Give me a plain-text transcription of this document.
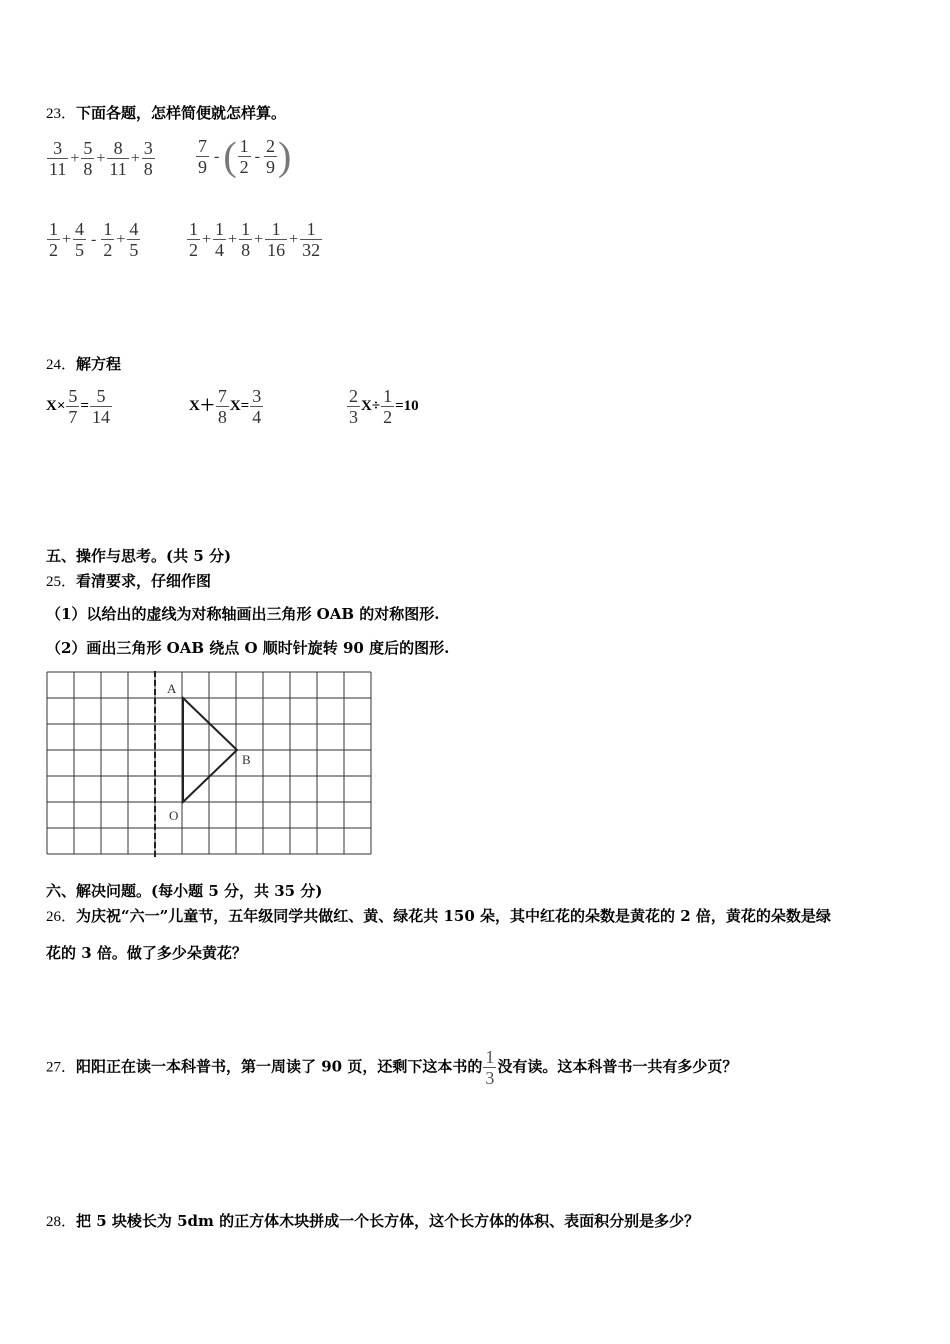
23．下面各题，怎样简便就怎样算。
$\frac{3}{11} + \frac{5}{8} + \frac{8}{11} + \frac{3}{8} \frac{7}{9}$ - ( $\frac{1}{2} - \frac{2}{9}$ )
$\frac{1}{2} + \frac{4}{5} - \frac{1}{2} + \frac{4}{5}$	$\frac{1}{2} + \frac{1}{4} + \frac{1}{8} + \frac{1}{16} + \frac{1}{32}$
24．解方程
$X\times \frac{5}{7} = \frac{5}{14}$	$X+ \frac{7}{8} X= \frac{3}{4}$	$\frac{2}{3} X\div \frac{1}{2} =10$
五、操作与思考。(共 5 分)
25．看清要求，仔细作图
（1）以给出的虚线为对称轴画出三角形 OAB 的对称图形.
（2）画出三角形 OAB 绕点 O 顺时针旋转 90 度后的图形.
A
B
O
六、解决问题。(每小题 5 分，共 35 分)
26．为庆祝“六一”儿童节，五年级同学共做红、黄、绿花共 150 朵，其中红花的朵数是黄花的 2 倍，黄花的朵数是绿
花的 3 倍。做了多少朵黄花？
27．阳阳正在读一本科普书，第一周读了 90 页，还剩下这本书的 $\frac{1}{3}$ 没有读。这本科普书一共有多少页？
28．把 5 块棱长为 5dm 的正方体木块拼成一个长方体，这个长方体的体积、表面积分别是多少？
